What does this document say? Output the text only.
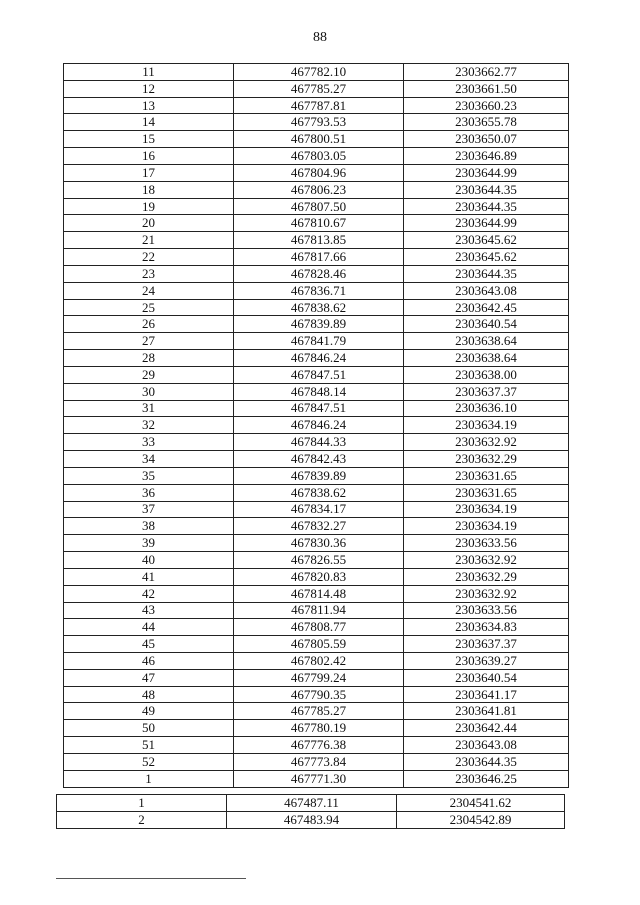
88
11	467782.10	2303662.77
12	467785.27	2303661.50
13	467787.81	2303660.23
14	467793.53	2303655.78
15	467800.51	2303650.07
16	467803.05	2303646.89
17	467804.96	2303644.99
18	467806.23	2303644.35
19	467807.50	2303644.35
20	467810.67	2303644.99
21	467813.85	2303645.62
22	467817.66	2303645.62
23	467828.46	2303644.35
24	467836.71	2303643.08
25	467838.62	2303642.45
26	467839.89	2303640.54
27	467841.79	2303638.64
28	467846.24	2303638.64
29	467847.51	2303638.00
30	467848.14	2303637.37
31	467847.51	2303636.10
32	467846.24	2303634.19
33	467844.33	2303632.92
34	467842.43	2303632.29
35	467839.89	2303631.65
36	467838.62	2303631.65
37	467834.17	2303634.19
38	467832.27	2303634.19
39	467830.36	2303633.56
40	467826.55	2303632.92
41	467820.83	2303632.29
42	467814.48	2303632.92
43	467811.94	2303633.56
44	467808.77	2303634.83
45	467805.59	2303637.37
46	467802.42	2303639.27
47	467799.24	2303640.54
48	467790.35	2303641.17
49	467785.27	2303641.81
50	467780.19	2303642.44
51	467776.38	2303643.08
52	467773.84	2303644.35
1	467771.30	2303646.25
1	467487.11	2304541.62
2	467483.94	2304542.89
